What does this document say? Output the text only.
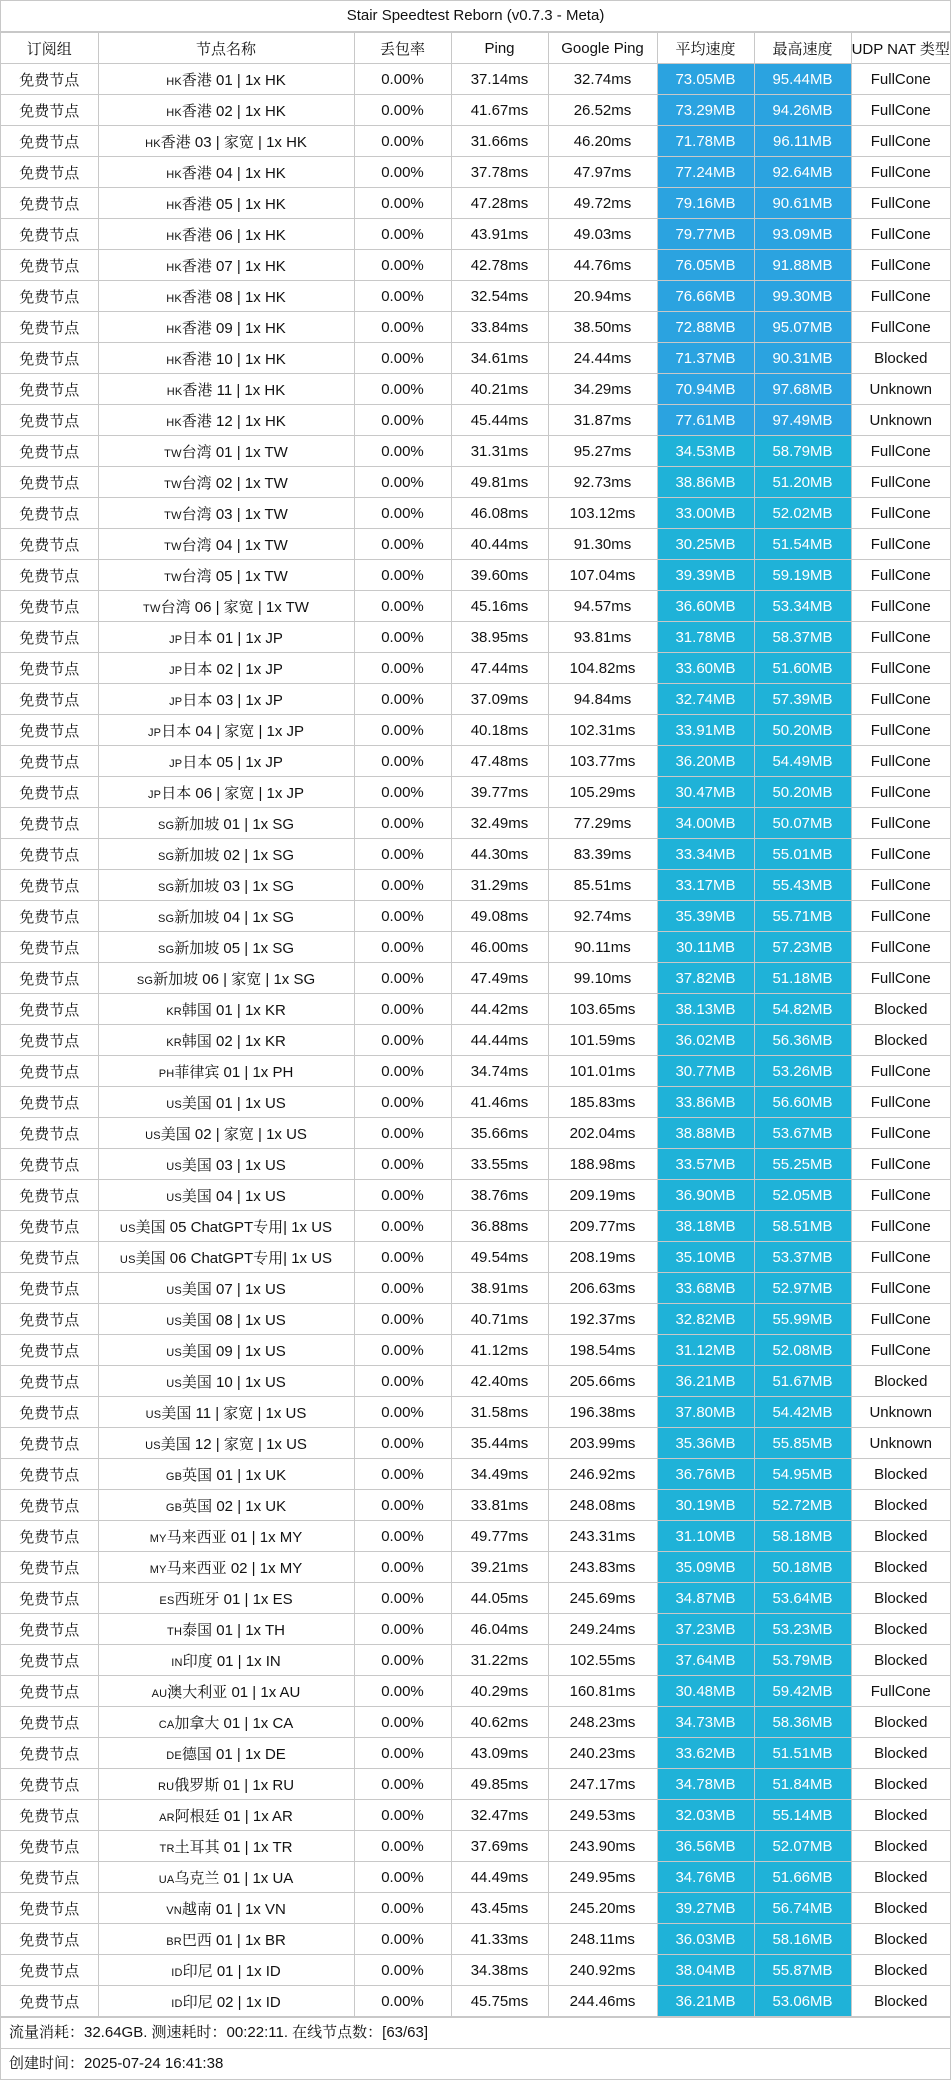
Stair Speedtest Reborn (v0.7.3 - Meta)
订阅组	节点名称	丢包率	Ping	Google Ping	平均速度	最高速度	UDP NAT 类型
免费节点	HK香港 01 | 1x HK	0.00%	37.14ms	32.74ms	73.05MB	95.44MB	FullCone
免费节点	HK香港 02 | 1x HK	0.00%	41.67ms	26.52ms	73.29MB	94.26MB	FullCone
免费节点	HK香港 03 | 家宽 | 1x HK	0.00%	31.66ms	46.20ms	71.78MB	96.11MB	FullCone
免费节点	HK香港 04 | 1x HK	0.00%	37.78ms	47.97ms	77.24MB	92.64MB	FullCone
免费节点	HK香港 05 | 1x HK	0.00%	47.28ms	49.72ms	79.16MB	90.61MB	FullCone
免费节点	HK香港 06 | 1x HK	0.00%	43.91ms	49.03ms	79.77MB	93.09MB	FullCone
免费节点	HK香港 07 | 1x HK	0.00%	42.78ms	44.76ms	76.05MB	91.88MB	FullCone
免费节点	HK香港 08 | 1x HK	0.00%	32.54ms	20.94ms	76.66MB	99.30MB	FullCone
免费节点	HK香港 09 | 1x HK	0.00%	33.84ms	38.50ms	72.88MB	95.07MB	FullCone
免费节点	HK香港 10 | 1x HK	0.00%	34.61ms	24.44ms	71.37MB	90.31MB	Blocked
免费节点	HK香港 11 | 1x HK	0.00%	40.21ms	34.29ms	70.94MB	97.68MB	Unknown
免费节点	HK香港 12 | 1x HK	0.00%	45.44ms	31.87ms	77.61MB	97.49MB	Unknown
免费节点	TW台湾 01 | 1x TW	0.00%	31.31ms	95.27ms	34.53MB	58.79MB	FullCone
免费节点	TW台湾 02 | 1x TW	0.00%	49.81ms	92.73ms	38.86MB	51.20MB	FullCone
免费节点	TW台湾 03 | 1x TW	0.00%	46.08ms	103.12ms	33.00MB	52.02MB	FullCone
免费节点	TW台湾 04 | 1x TW	0.00%	40.44ms	91.30ms	30.25MB	51.54MB	FullCone
免费节点	TW台湾 05 | 1x TW	0.00%	39.60ms	107.04ms	39.39MB	59.19MB	FullCone
免费节点	TW台湾 06 | 家宽 | 1x TW	0.00%	45.16ms	94.57ms	36.60MB	53.34MB	FullCone
免费节点	JP日本 01 | 1x JP	0.00%	38.95ms	93.81ms	31.78MB	58.37MB	FullCone
免费节点	JP日本 02 | 1x JP	0.00%	47.44ms	104.82ms	33.60MB	51.60MB	FullCone
免费节点	JP日本 03 | 1x JP	0.00%	37.09ms	94.84ms	32.74MB	57.39MB	FullCone
免费节点	JP日本 04 | 家宽 | 1x JP	0.00%	40.18ms	102.31ms	33.91MB	50.20MB	FullCone
免费节点	JP日本 05 | 1x JP	0.00%	47.48ms	103.77ms	36.20MB	54.49MB	FullCone
免费节点	JP日本 06 | 家宽 | 1x JP	0.00%	39.77ms	105.29ms	30.47MB	50.20MB	FullCone
免费节点	SG新加坡 01 | 1x SG	0.00%	32.49ms	77.29ms	34.00MB	50.07MB	FullCone
免费节点	SG新加坡 02 | 1x SG	0.00%	44.30ms	83.39ms	33.34MB	55.01MB	FullCone
免费节点	SG新加坡 03 | 1x SG	0.00%	31.29ms	85.51ms	33.17MB	55.43MB	FullCone
免费节点	SG新加坡 04 | 1x SG	0.00%	49.08ms	92.74ms	35.39MB	55.71MB	FullCone
免费节点	SG新加坡 05 | 1x SG	0.00%	46.00ms	90.11ms	30.11MB	57.23MB	FullCone
免费节点	SG新加坡 06 | 家宽 | 1x SG	0.00%	47.49ms	99.10ms	37.82MB	51.18MB	FullCone
免费节点	KR韩国 01 | 1x KR	0.00%	44.42ms	103.65ms	38.13MB	54.82MB	Blocked
免费节点	KR韩国 02 | 1x KR	0.00%	44.44ms	101.59ms	36.02MB	56.36MB	Blocked
免费节点	PH菲律宾 01 | 1x PH	0.00%	34.74ms	101.01ms	30.77MB	53.26MB	FullCone
免费节点	US美国 01 | 1x US	0.00%	41.46ms	185.83ms	33.86MB	56.60MB	FullCone
免费节点	US美国 02 | 家宽 | 1x US	0.00%	35.66ms	202.04ms	38.88MB	53.67MB	FullCone
免费节点	US美国 03 | 1x US	0.00%	33.55ms	188.98ms	33.57MB	55.25MB	FullCone
免费节点	US美国 04 | 1x US	0.00%	38.76ms	209.19ms	36.90MB	52.05MB	FullCone
免费节点	US美国 05 ChatGPT专用| 1x US	0.00%	36.88ms	209.77ms	38.18MB	58.51MB	FullCone
免费节点	US美国 06 ChatGPT专用| 1x US	0.00%	49.54ms	208.19ms	35.10MB	53.37MB	FullCone
免费节点	US美国 07 | 1x US	0.00%	38.91ms	206.63ms	33.68MB	52.97MB	FullCone
免费节点	US美国 08 | 1x US	0.00%	40.71ms	192.37ms	32.82MB	55.99MB	FullCone
免费节点	US美国 09 | 1x US	0.00%	41.12ms	198.54ms	31.12MB	52.08MB	FullCone
免费节点	US美国 10 | 1x US	0.00%	42.40ms	205.66ms	36.21MB	51.67MB	Blocked
免费节点	US美国 11 | 家宽 | 1x US	0.00%	31.58ms	196.38ms	37.80MB	54.42MB	Unknown
免费节点	US美国 12 | 家宽 | 1x US	0.00%	35.44ms	203.99ms	35.36MB	55.85MB	Unknown
免费节点	GB英国 01 | 1x UK	0.00%	34.49ms	246.92ms	36.76MB	54.95MB	Blocked
免费节点	GB英国 02 | 1x UK	0.00%	33.81ms	248.08ms	30.19MB	52.72MB	Blocked
免费节点	MY马来西亚 01 | 1x MY	0.00%	49.77ms	243.31ms	31.10MB	58.18MB	Blocked
免费节点	MY马来西亚 02 | 1x MY	0.00%	39.21ms	243.83ms	35.09MB	50.18MB	Blocked
免费节点	ES西班牙 01 | 1x ES	0.00%	44.05ms	245.69ms	34.87MB	53.64MB	Blocked
免费节点	TH泰国 01 | 1x TH	0.00%	46.04ms	249.24ms	37.23MB	53.23MB	Blocked
免费节点	IN印度 01 | 1x IN	0.00%	31.22ms	102.55ms	37.64MB	53.79MB	Blocked
免费节点	AU澳大利亚 01 | 1x AU	0.00%	40.29ms	160.81ms	30.48MB	59.42MB	FullCone
免费节点	CA加拿大 01 | 1x CA	0.00%	40.62ms	248.23ms	34.73MB	58.36MB	Blocked
免费节点	DE德国 01 | 1x DE	0.00%	43.09ms	240.23ms	33.62MB	51.51MB	Blocked
免费节点	RU俄罗斯 01 | 1x RU	0.00%	49.85ms	247.17ms	34.78MB	51.84MB	Blocked
免费节点	AR阿根廷 01 | 1x AR	0.00%	32.47ms	249.53ms	32.03MB	55.14MB	Blocked
免费节点	TR土耳其 01 | 1x TR	0.00%	37.69ms	243.90ms	36.56MB	52.07MB	Blocked
免费节点	UA乌克兰 01 | 1x UA	0.00%	44.49ms	249.95ms	34.76MB	51.66MB	Blocked
免费节点	VN越南 01 | 1x VN	0.00%	43.45ms	245.20ms	39.27MB	56.74MB	Blocked
免费节点	BR巴西 01 | 1x BR	0.00%	41.33ms	248.11ms	36.03MB	58.16MB	Blocked
免费节点	ID印尼 01 | 1x ID	0.00%	34.38ms	240.92ms	38.04MB	55.87MB	Blocked
免费节点	ID印尼 02 | 1x ID	0.00%	45.75ms	244.46ms	36.21MB	53.06MB	Blocked
流量消耗：32.64GB. 测速耗时：00:22:11. 在线节点数：[63/63]
创建时间：2025-07-24 16:41:38
